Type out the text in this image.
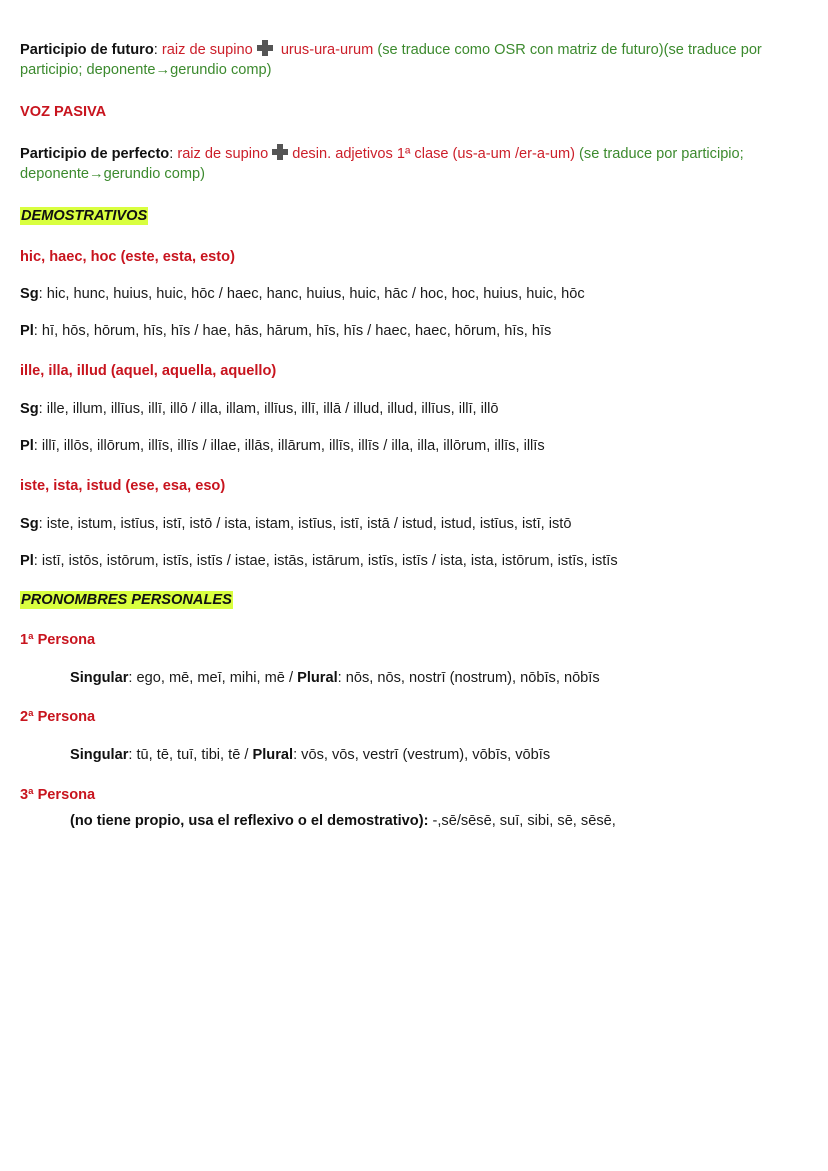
Participio de futuro: raiz de supino urus-ura-urum (se traduce como OSR con matriz de futuro)(se traduce por participio; deponente→gerundio comp)
VOZ PASIVA
Participio de perfecto: raiz de supino desin. adjetivos 1ª clase (us-a-um /er-a-um) (se traduce por participio; deponente→gerundio comp)
DEMOSTRATIVOS
hic, haec, hoc (este, esta, esto)
Sg: hic, hunc, huius, huic, hōc / haec, hanc, huius, huic, hāc / hoc, hoc, huius, huic, hōc
Pl: hī, hōs, hōrum, hīs, hīs / hae, hās, hārum, hīs, hīs / haec, haec, hōrum, hīs, hīs
ille, illa, illud (aquel, aquella, aquello)
Sg: ille, illum, illīus, illī, illō / illa, illam, illīus, illī, illā / illud, illud, illīus, illī, illō
Pl: illī, illōs, illōrum, illīs, illīs / illae, illās, illārum, illīs, illīs / illa, illa, illōrum, illīs, illīs
iste, ista, istud (ese, esa, eso)
Sg: iste, istum, istīus, istī, istō / ista, istam, istīus, istī, istā / istud, istud, istīus, istī, istō
Pl: istī, istōs, istōrum, istīs, istīs / istae, istās, istārum, istīs, istīs / ista, ista, istōrum, istīs, istīs
PRONOMBRES PERSONALES
1ª Persona
Singular: ego, mē, meī, mihi, mē / Plural: nōs, nōs, nostrī (nostrum), nōbīs, nōbīs
2ª Persona
Singular: tū, tē, tuī, tibi, tē / Plural: vōs, vōs, vestrī (vestrum), vōbīs, vōbīs
3ª Persona
(no tiene propio, usa el reflexivo o el demostrativo): -,sē/sēsē, suī, sibi, sē, sēsē,
